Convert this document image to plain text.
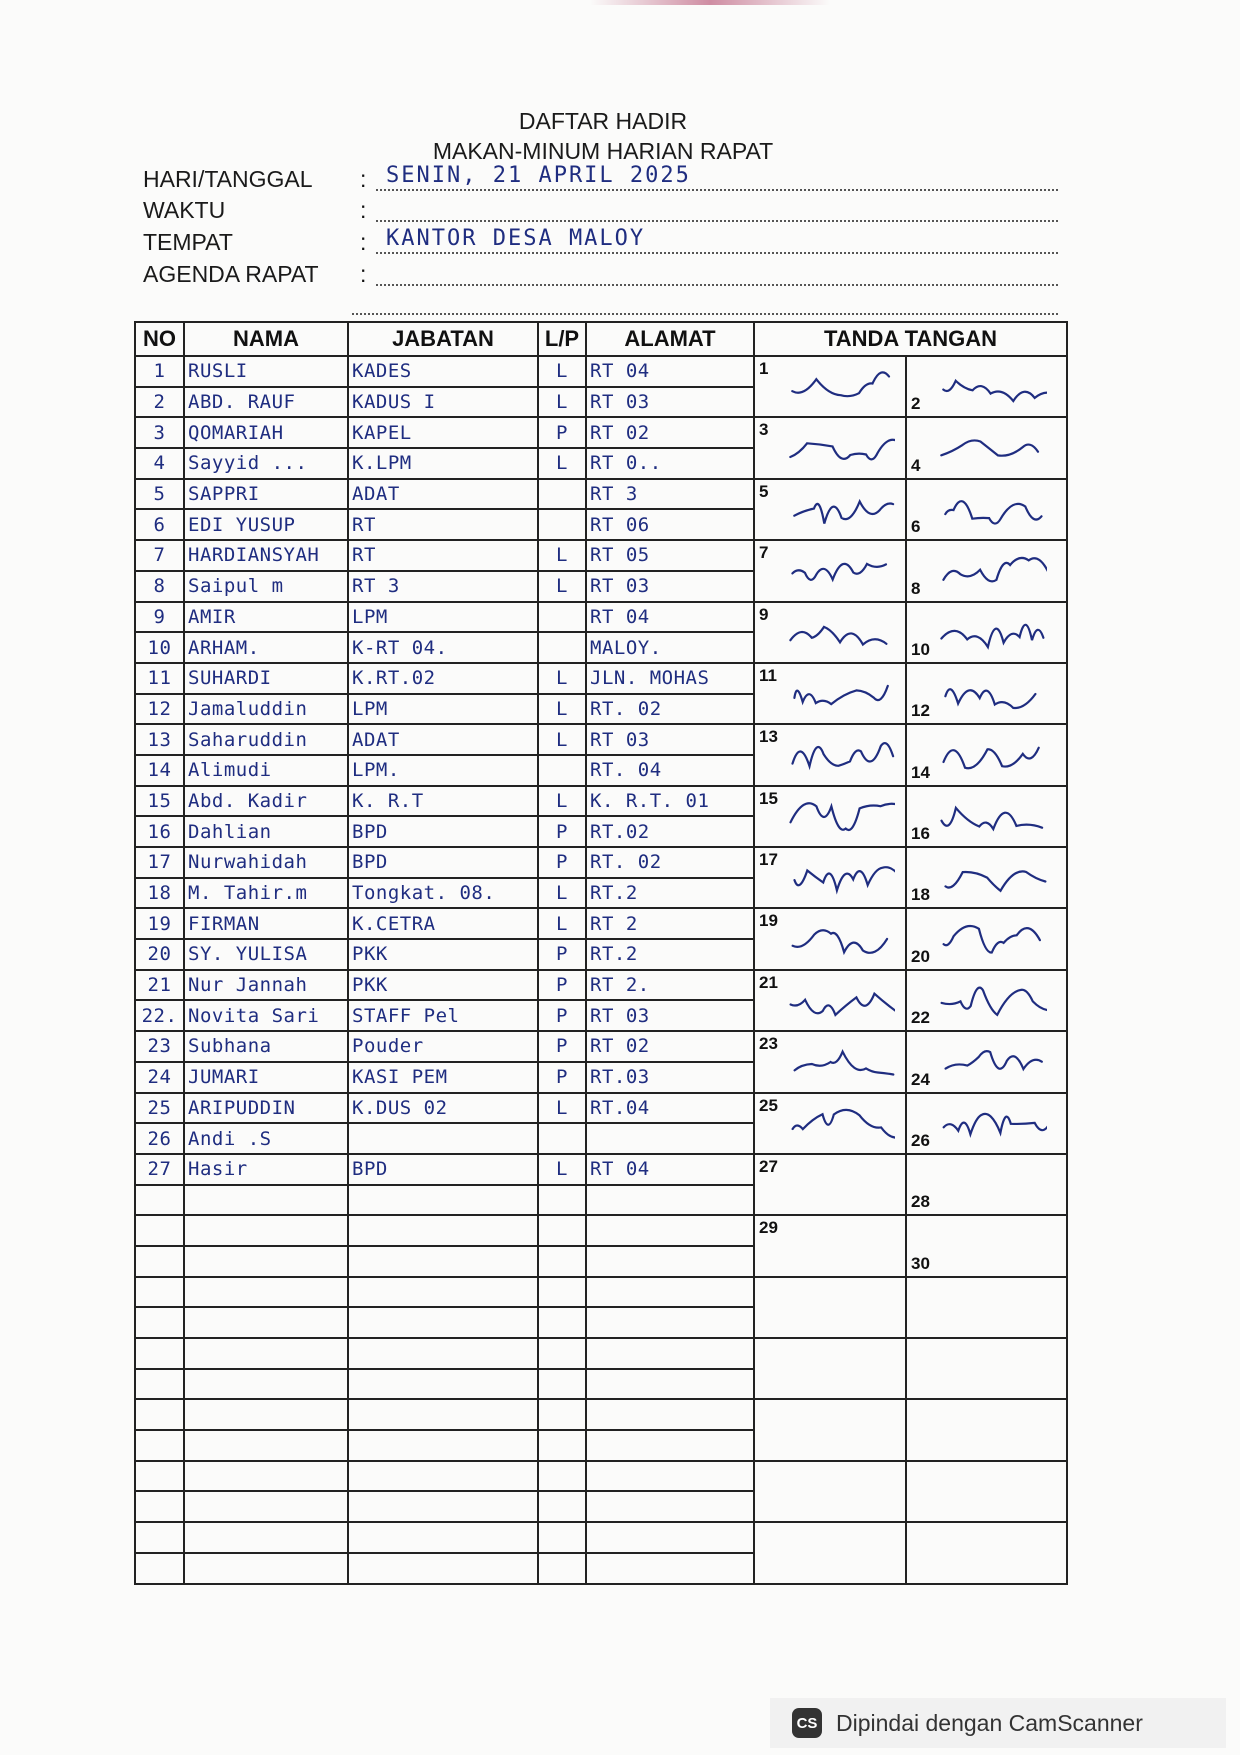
DAFTAR HADIR
MAKAN-MINUM HARIAN RAPAT
HARI/TANGGAL : SENIN, 21 APRIL 2025
WAKTU	:
TEMPAT	: KANTOR DESA MALOY
AGENDA RAPAT :
NO	NAMA	JABATAN	L/P	ALAMAT	TANDA TANGAN	
1	RUSLI	KADES	L	RT 04	1	2

2	ABD. RAUF	KADUS I	L	RT 03		
3	QOMARIAH	KAPEL	P	RT 02	3	4

4	Sayyid ...	K.LPM	L	RT 0..		
5	SAPPRI	ADAT		RT 3	5	6

6	EDI YUSUP	RT		RT 06		
7	HARDIANSYAH	RT	L	RT 05	7	8

8	Saipul m	RT 3	L	RT 03		
9	AMIR	LPM		RT 04	9	10

10	ARHAM.	K-RT 04.		MALOY.		
11	SUHARDI	K.RT.02	L	JLN. MOHAS	11	12

12	Jamaluddin	LPM	L	RT. 02		
13	Saharuddin	ADAT	L	RT 03	13	14

14	Alimudi	LPM.		RT. 04		
15	Abd. Kadir	K. R.T	L	K. R.T. 01	15	16

16	Dahlian	BPD	P	RT.02		
17	Nurwahidah	BPD	P	RT. 02	17	18

18	M. Tahir.m	Tongkat. 08.	L	RT.2		
19	FIRMAN	K.CETRA	L	RT 2	19	20

20	SY. YULISA	PKK	P	RT.2		
21	Nur Jannah	PKK	P	RT 2.	21	22

22.	Novita Sari	STAFF Pel	P	RT 03		
23	Subhana	Pouder	P	RT 02	23	24

24	JUMARI	KASI PEM	P	RT.03		
25	ARIPUDDIN	K.DUS 02	L	RT.04	25	26

26	Andi .S					
27	Hasir	BPD	L	RT 04	27	28

					29	30

CS Dipindai dengan CamScanner
